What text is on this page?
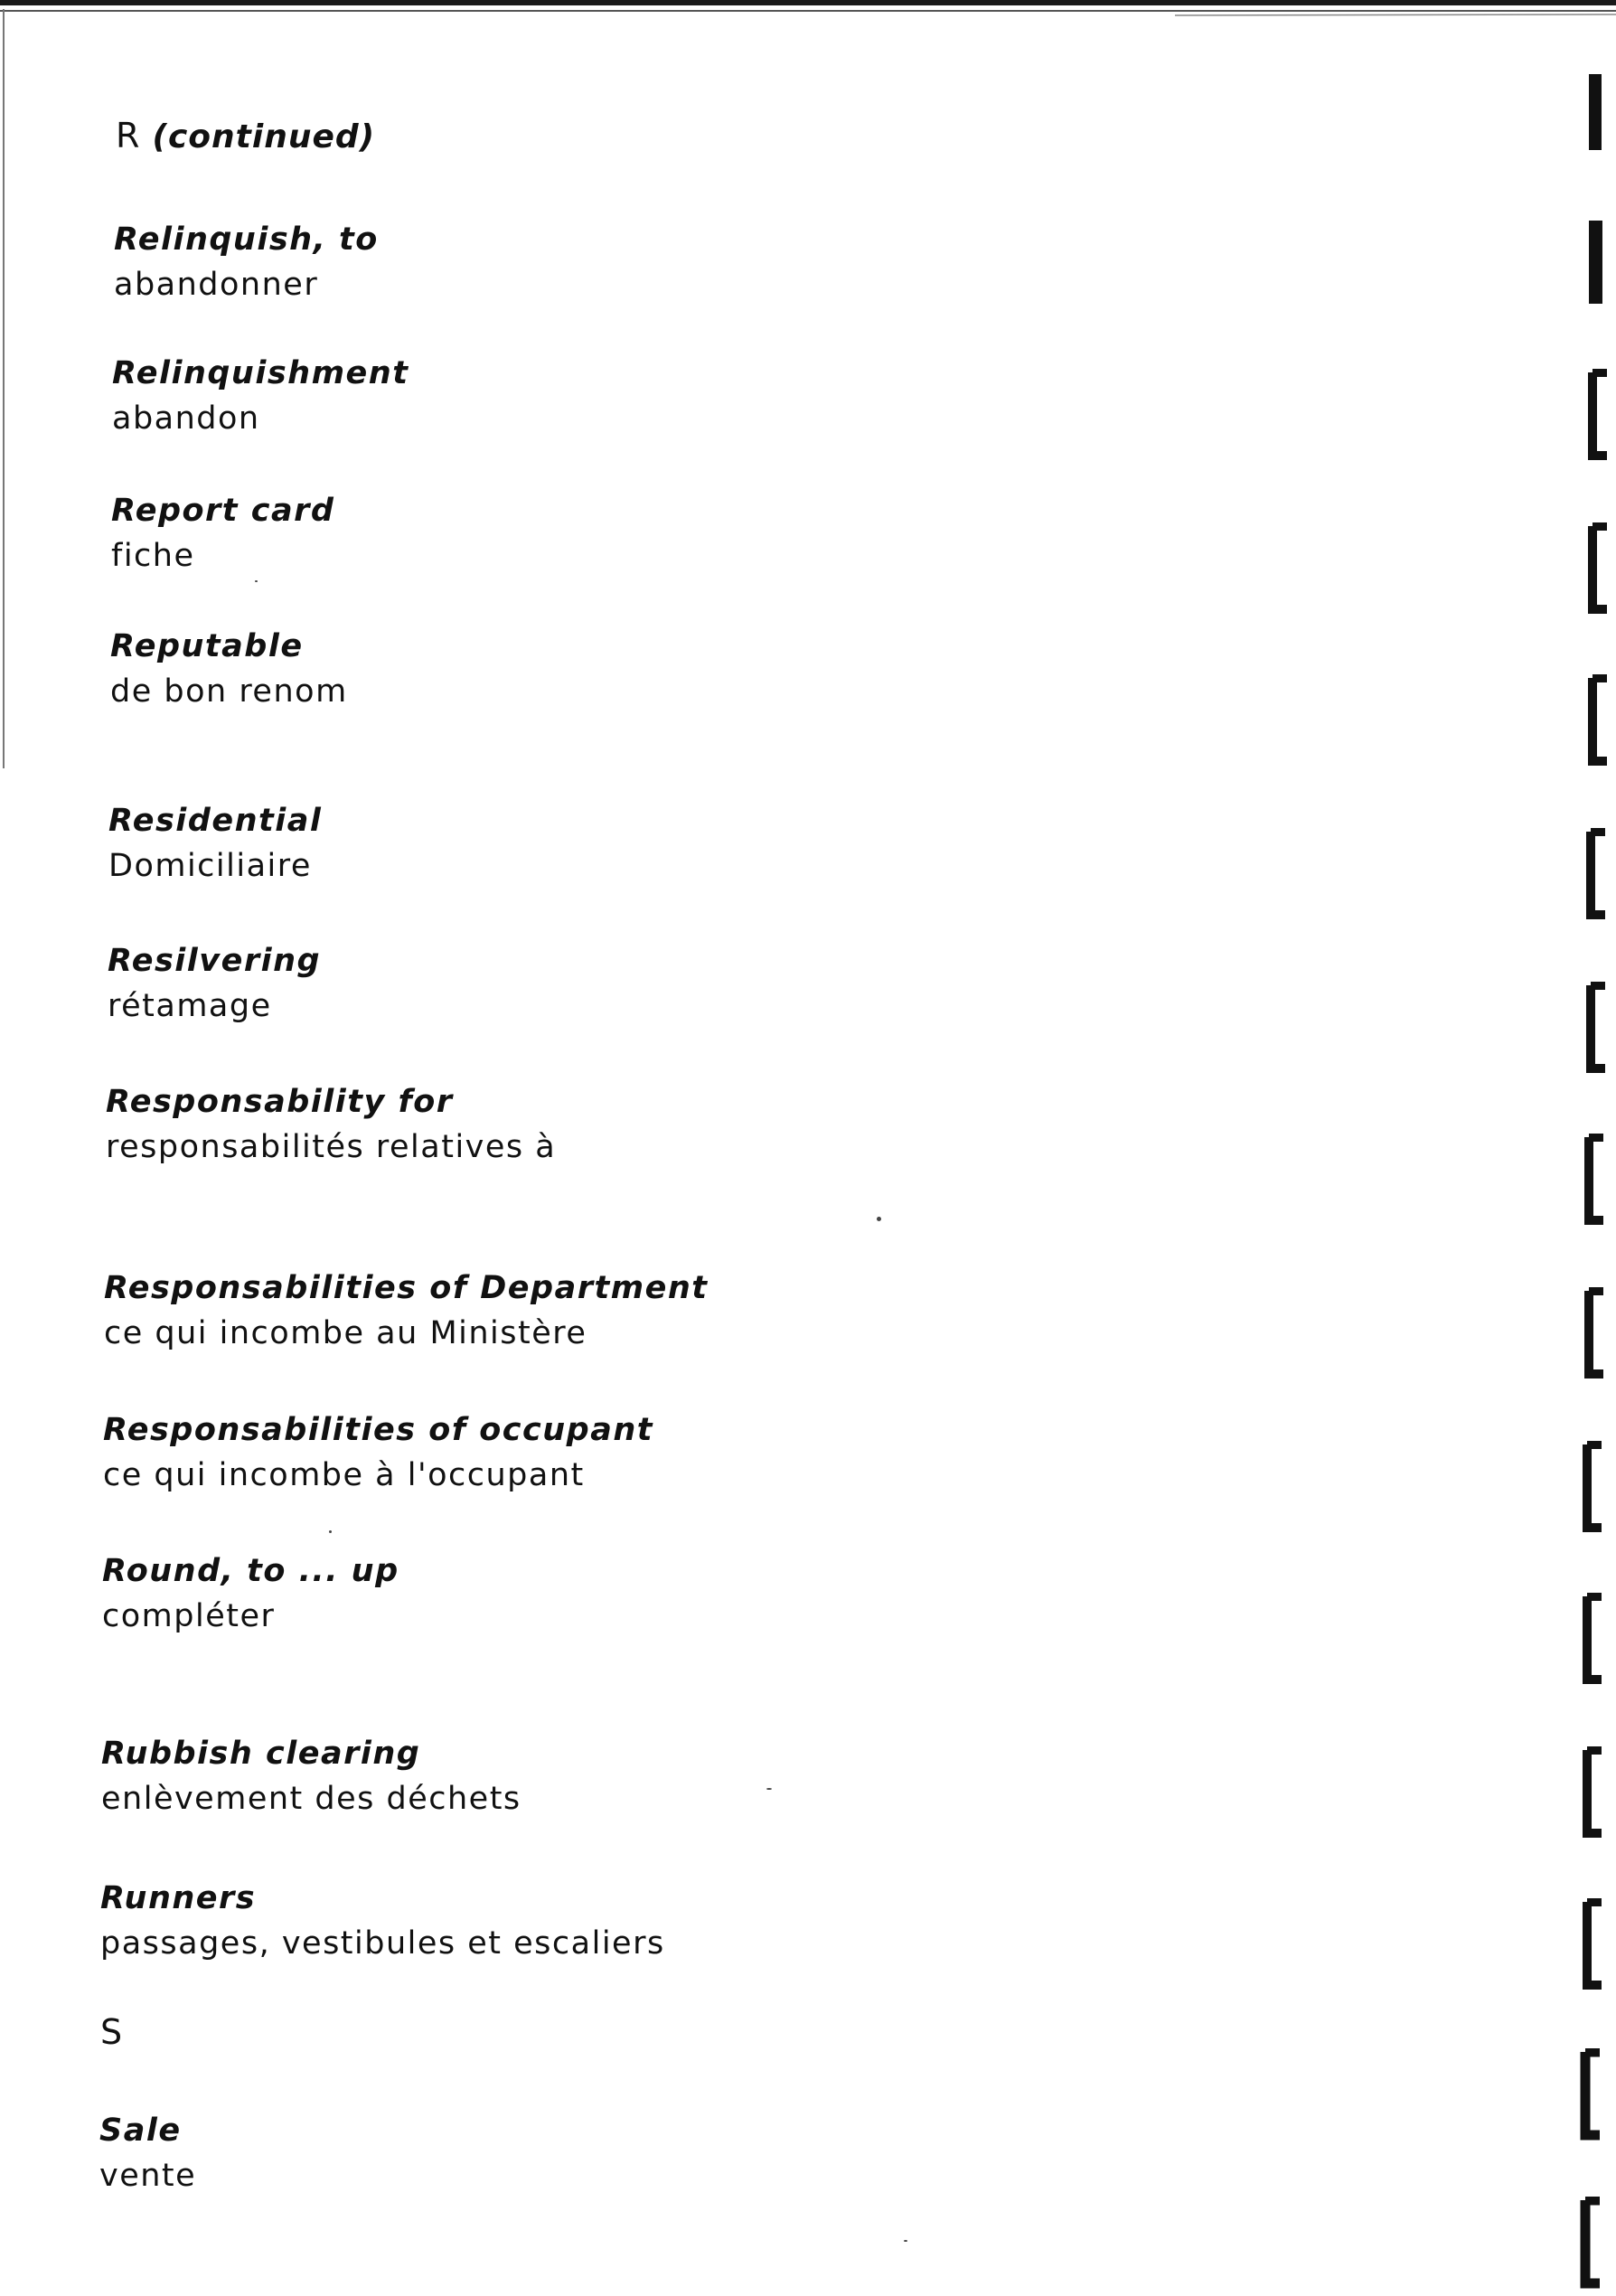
R (continued)
Relinquish, to
abandonner
Relinquishment
abandon
Report card
fiche
Reputable
de bon renom
Residential
Domiciliaire
Resilvering
rétamage
Responsability for
responsabilités relatives à
Responsabilities of Department
ce qui incombe au Ministère
Responsabilities of occupant
ce qui incombe à l'occupant
Round, to ... up
compléter
Rubbish clearing
enlèvement des déchets
Runners
passages, vestibules et escaliers
S
Sale
vente
